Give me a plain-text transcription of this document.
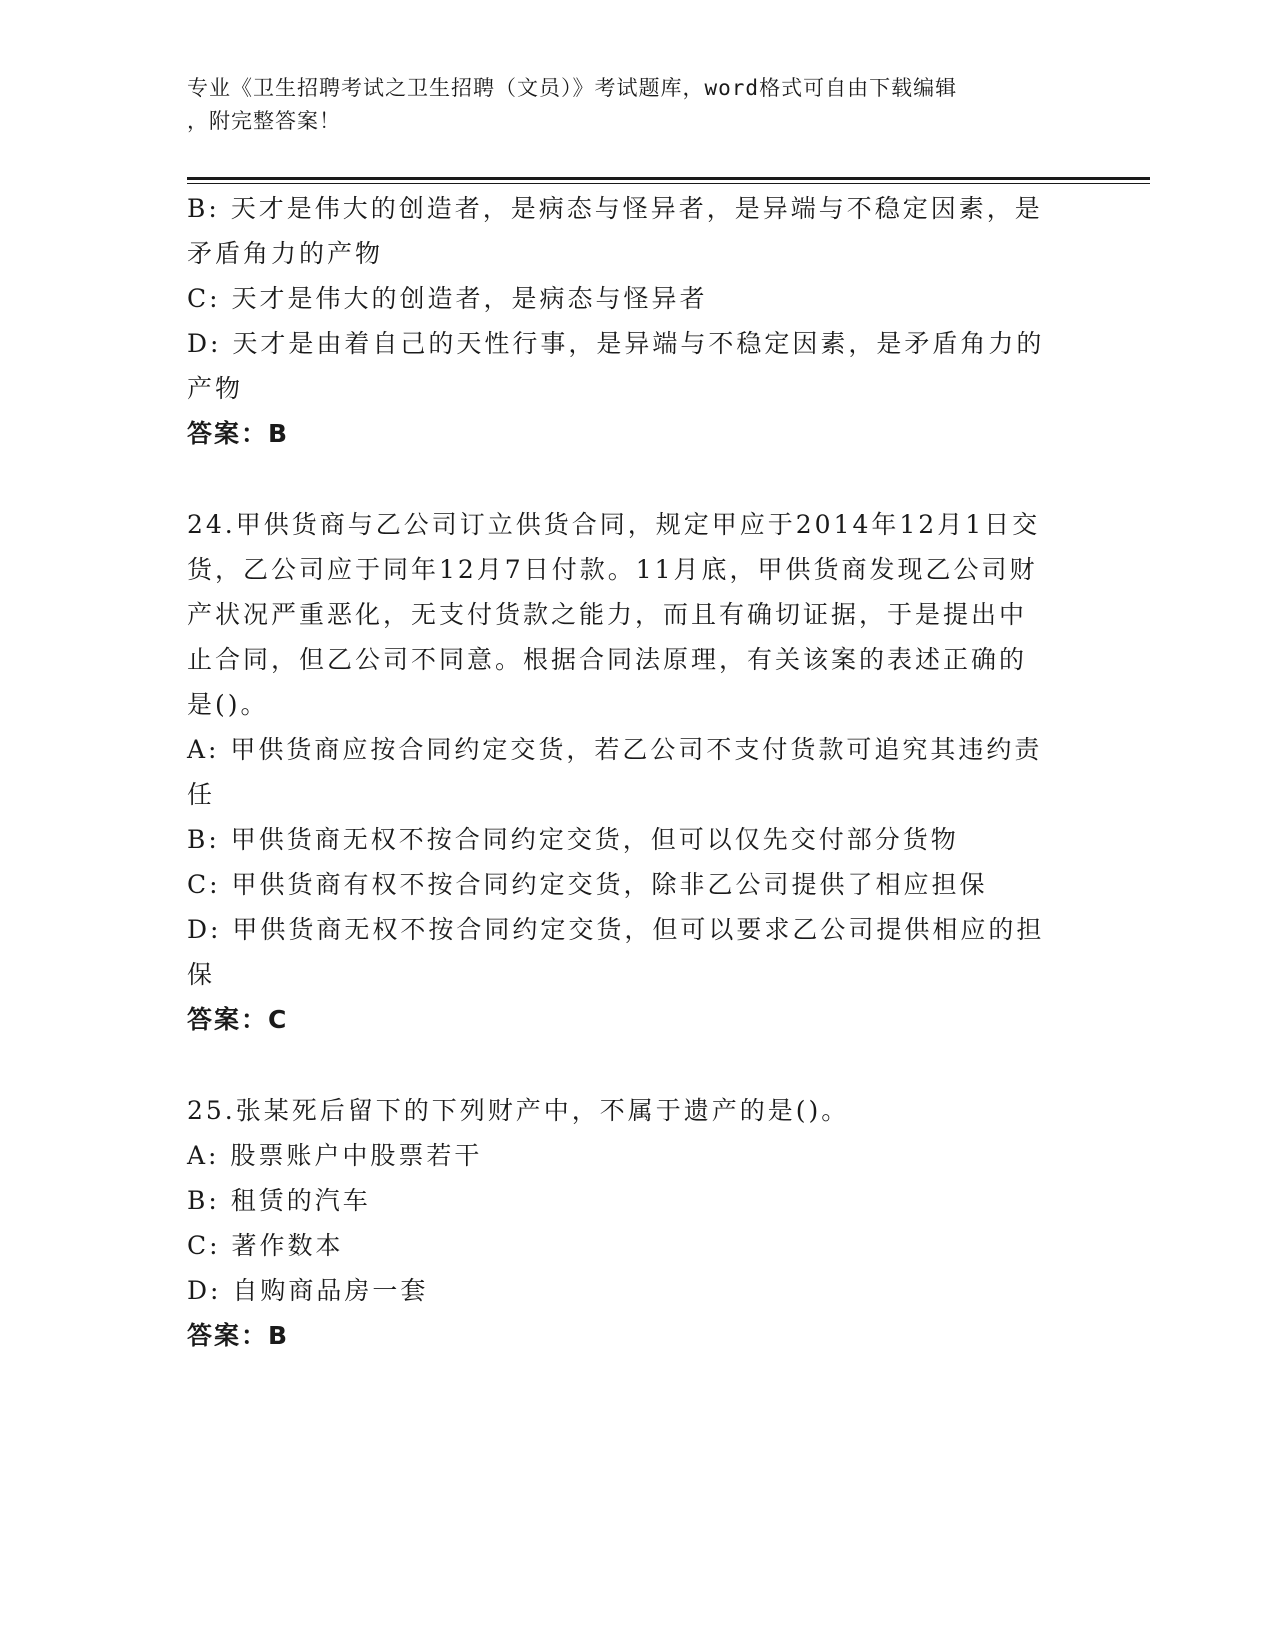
专业《卫生招聘考试之卫生招聘（文员）》考试题库，word格式可自由下载编辑
，附完整答案！
B: 天才是伟大的创造者，是病态与怪异者，是异端与不稳定因素，是
矛盾角力的产物
C: 天才是伟大的创造者，是病态与怪异者
D: 天才是由着自己的天性行事，是异端与不稳定因素，是矛盾角力的
产物
答案：B
24.甲供货商与乙公司订立供货合同，规定甲应于2014年12月1日交
货，乙公司应于同年12月7日付款。11月底，甲供货商发现乙公司财
产状况严重恶化，无支付货款之能力，而且有确切证据，于是提出中
止合同，但乙公司不同意。根据合同法原理，有关该案的表述正确的
是()。
A: 甲供货商应按合同约定交货，若乙公司不支付货款可追究其违约责
任
B: 甲供货商无权不按合同约定交货，但可以仅先交付部分货物
C: 甲供货商有权不按合同约定交货，除非乙公司提供了相应担保
D: 甲供货商无权不按合同约定交货，但可以要求乙公司提供相应的担
保
答案：C
25.张某死后留下的下列财产中，不属于遗产的是()。
A: 股票账户中股票若干
B: 租赁的汽车
C: 著作数本
D: 自购商品房一套
答案：B
